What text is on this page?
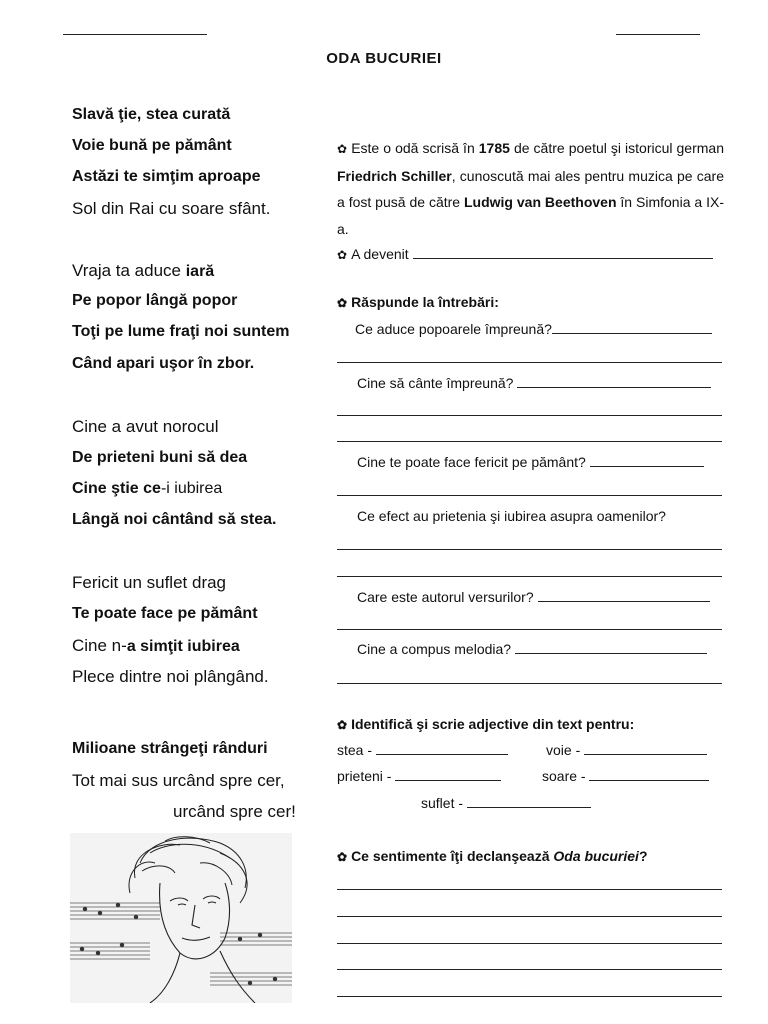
ODA BUCURIEI
Slavă ţie, stea curată
Voie bună pe pământ
Astăzi te simţim aproape
Sol din Rai cu soare sfânt.
Vraja ta aduce iară
Pe popor lângă popor
Toţi pe lume fraţi noi suntem
Când apari uşor în zbor.
Cine a avut norocul
De prieteni buni să dea
Cine ştie ce-i iubirea
Lângă noi cântând să stea.
Fericit un suflet drag
Te poate face pe pământ
Cine n-a simţit iubirea
Plece dintre noi plângând.
Milioane strângeţi rânduri
Tot mai sus urcând spre cer,
urcând spre cer!
✿ Este o odă scrisă în 1785 de către poetul şi istoricul german Friedrich Schiller, cunoscută mai ales pentru muzica pe care a fost pusă de către Ludwig van Beethoven în Simfonia a IX-a.
✿ A devenit
✿ Răspunde la întrebări:
Ce aduce popoarele împreună?
Cine să cânte împreună?
Cine te poate face fericit pe pământ?
Ce efect au prietenia şi iubirea asupra oamenilor?
Care este autorul versurilor?
Cine a compus melodia?
✿ Identifică şi scrie adjective din text pentru:
stea -	voie -
prieteni -	soare -
suflet -
✿ Ce sentimente îţi declanşează Oda bucuriei?
